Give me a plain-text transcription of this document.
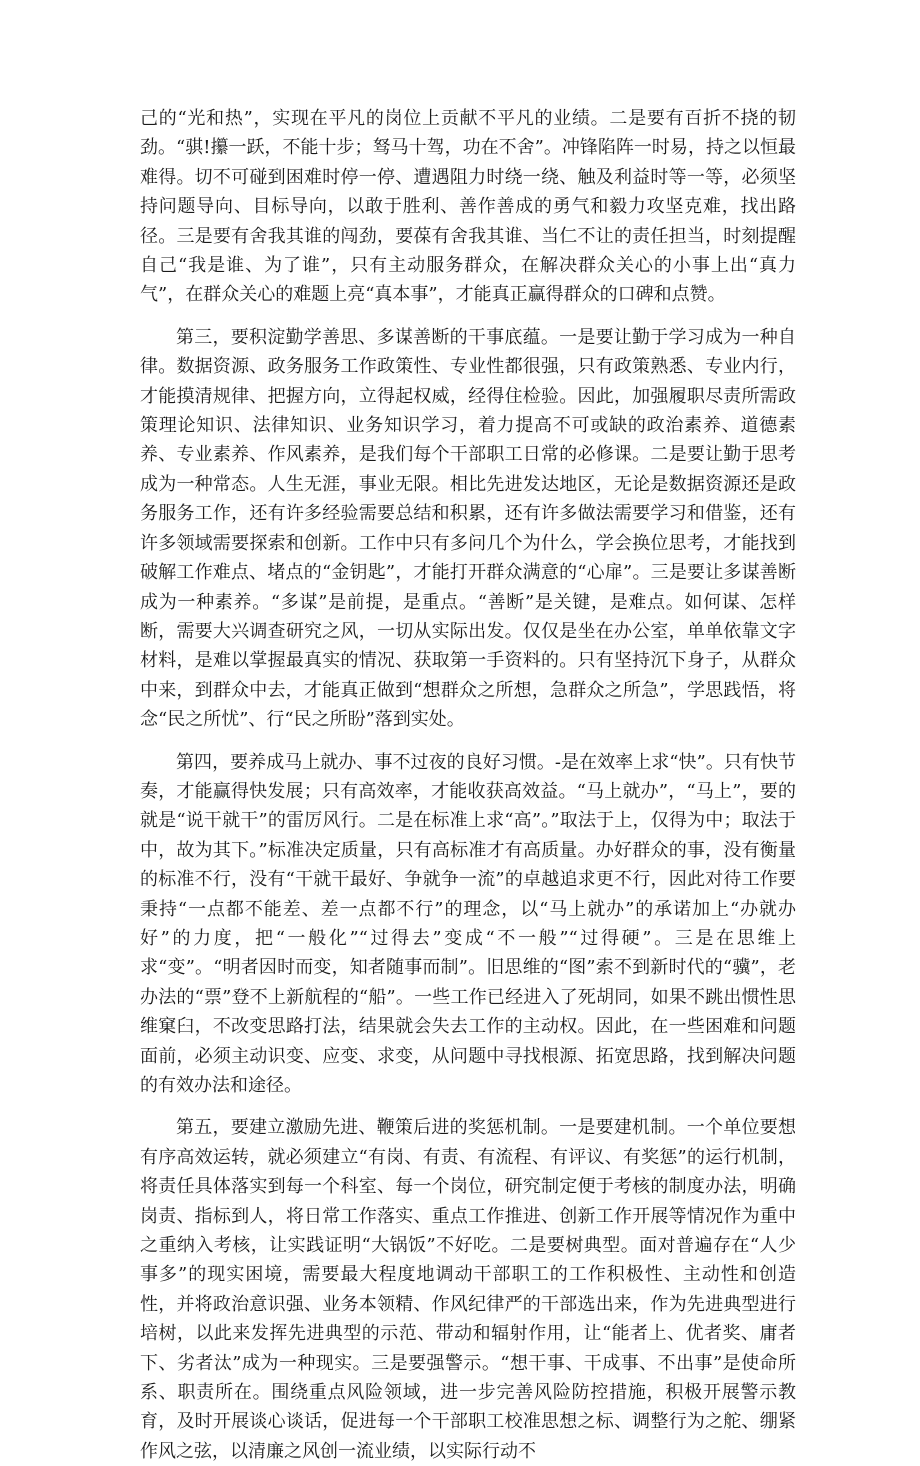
己的“光和热”，实现在平凡的岗位上贡献不平凡的业绩。二是要有百折不挠的韧劲。“骐!攥一跃，不能十步；驽马十驾，功在不舍”。冲锋陷阵一时易，持之以恒最难得。切不可碰到困难时停一停、遭遇阻力时绕一绕、触及利益时等一等，必须坚持问题导向、目标导向，以敢于胜利、善作善成的勇气和毅力攻坚克难，找出路径。三是要有舍我其谁的闯劲，要葆有舍我其谁、当仁不让的责任担当，时刻提醒自己“我是谁、为了谁”，只有主动服务群众，在解决群众关心的小事上出“真力气”，在群众关心的难题上亮“真本事”，才能真正赢得群众的口碑和点赞。

第三，要积淀勤学善思、多谋善断的干事底蕴。一是要让勤于学习成为一种自律。数据资源、政务服务工作政策性、专业性都很强，只有政策熟悉、专业内行，才能摸清规律、把握方向，立得起权威，经得住检验。因此，加强履职尽责所需政策理论知识、法律知识、业务知识学习，着力提高不可或缺的政治素养、道德素养、专业素养、作风素养，是我们每个干部职工日常的必修课。二是要让勤于思考成为一种常态。人生无涯，事业无限。相比先进发达地区，无论是数据资源还是政务服务工作，还有许多经验需要总结和积累，还有许多做法需要学习和借鉴，还有许多领域需要探索和创新。工作中只有多问几个为什么，学会换位思考，才能找到破解工作难点、堵点的“金钥匙”，才能打开群众满意的“心扉”。三是要让多谋善断成为一种素养。“多谋”是前提，是重点。“善断”是关键，是难点。如何谋、怎样断，需要大兴调查研究之风，一切从实际出发。仅仅是坐在办公室，单单依靠文字材料，是难以掌握最真实的情况、获取第一手资料的。只有坚持沉下身子，从群众中来，到群众中去，才能真正做到“想群众之所想，急群众之所急”，学思践悟，将念“民之所忧”、行“民之所盼”落到实处。

第四，要养成马上就办、事不过夜的良好习惯。-是在效率上求“快”。只有快节奏，才能赢得快发展；只有高效率，才能收获高效益。“马上就办”，“马上”，要的就是“说干就干”的雷厉风行。二是在标准上求“高”。”取法于上，仅得为中；取法于中，故为其下。”标准决定质量，只有高标准才有高质量。办好群众的事，没有衡量的标准不行，没有“干就干最好、争就争一流”的卓越追求更不行，因此对待工作要秉持“一点都不能差、差一点都不行”的理念，以“马上就办”的承诺加上“办就办好”的力度，把“一般化”“过得去”变成“不一般”“过得硬”。三是在思维上求“变”。“明者因时而变，知者随事而制”。旧思维的“图”索不到新时代的“骥”，老办法的“票”登不上新航程的“船”。一些工作已经进入了死胡同，如果不跳出惯性思维窠臼，不改变思路打法，结果就会失去工作的主动权。因此，在一些困难和问题面前，必须主动识变、应变、求变，从问题中寻找根源、拓宽思路，找到解决问题的有效办法和途径。

第五，要建立激励先进、鞭策后进的奖惩机制。一是要建机制。一个单位要想有序高效运转，就必须建立“有岗、有责、有流程、有评议、有奖惩”的运行机制，将责任具体落实到每一个科室、每一个岗位，研究制定便于考核的制度办法，明确岗责、指标到人，将日常工作落实、重点工作推进、创新工作开展等情况作为重中之重纳入考核，让实践证明“大锅饭”不好吃。二是要树典型。面对普遍存在“人少事多”的现实困境，需要最大程度地调动干部职工的工作积极性、主动性和创造性，并将政治意识强、业务本领精、作风纪律严的干部选出来，作为先进典型进行培树，以此来发挥先进典型的示范、带动和辐射作用，让“能者上、优者奖、庸者下、劣者汰”成为一种现实。三是要强警示。“想干事、干成事、不出事”是使命所系、职责所在。围绕重点风险领域，进一步完善风险防控措施，积极开展警示教育，及时开展谈心谈话，促进每一个干部职工校准思想之标、调整行为之舵、绷紧作风之弦，以清廉之风创一流业绩，以实际行动不
